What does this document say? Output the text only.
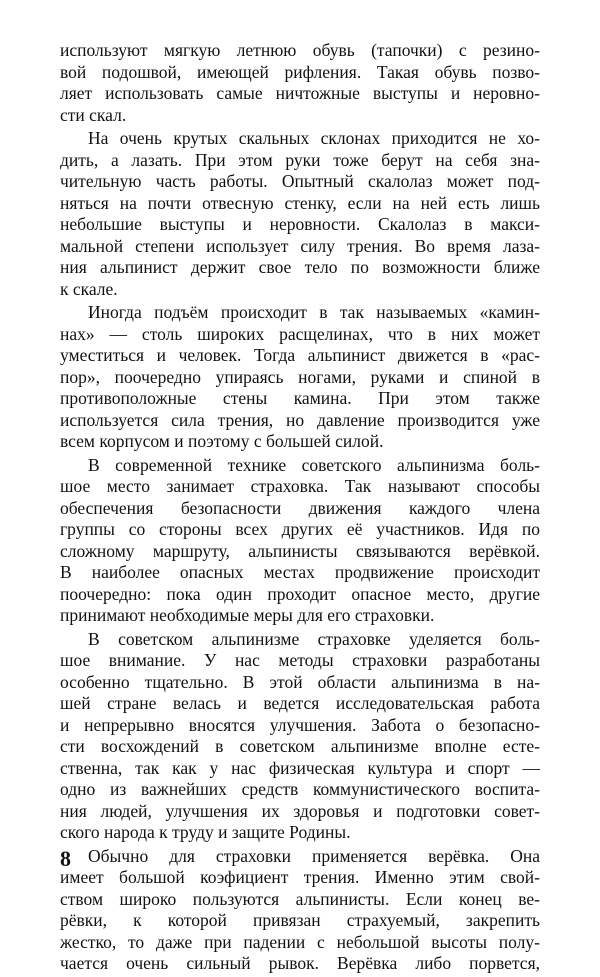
используют мягкую летнюю обувь (тапочки) с резино-
вой подошвой, имеющей рифления. Такая обувь позво-
ляет использовать самые ничтожные выступы и неровно-
сти скал.
На очень крутых скальных склонах приходится не хо-
дить, а лазать. При этом руки тоже берут на себя зна-
чительную часть работы. Опытный скалолаз может под-
няться на почти отвесную стенку, если на ней есть лишь
небольшие выступы и неровности. Скалолаз в макси-
мальной степени использует силу трения. Во время лаза-
ния альпинист держит свое тело по возможности ближе
к скале.
Иногда подъём происходит в так называемых «камин-
нах» — столь широких расщелинах, что в них может
уместиться и человек. Тогда альпинист движется в «рас-
пор», поочередно упираясь ногами, руками и спиной в
противоположные стены камина. При этом также
используется сила трения, но давление производится уже
всем корпусом и поэтому с большей силой.
В современной технике советского альпинизма боль-
шое место занимает страховка. Так называют способы
обеспечения безопасности движения каждого члена
группы со стороны всех других её участников. Идя по
сложному маршруту, альпинисты связываются верёвкой.
В наиболее опасных местах продвижение происходит
поочередно: пока один проходит опасное место, другие
принимают необходимые меры для его страховки.
В советском альпинизме страховке уделяется боль-
шое внимание. У нас методы страховки разработаны
особенно тщательно. В этой области альпинизма в на-
шей стране велась и ведется исследовательская работа
и непрерывно вносятся улучшения. Забота о безопасно-
сти восхождений в советском альпинизме вполне есте-
ственна, так как у нас физическая культура и спорт —
одно из важнейших средств коммунистического воспита-
ния людей, улучшения их здоровья и подготовки совет-
ского народа к труду и защите Родины.
Обычно для страховки применяется верёвка. Она
имеет большой коэфициент трения. Именно этим свой-
ством широко пользуются альпинисты. Если конец ве-
рёвки, к которой привязан страхуемый, закрепить
жестко, то даже при падении с небольшой высоты полу-
чается очень сильный рывок. Верёвка либо порвется,
8
